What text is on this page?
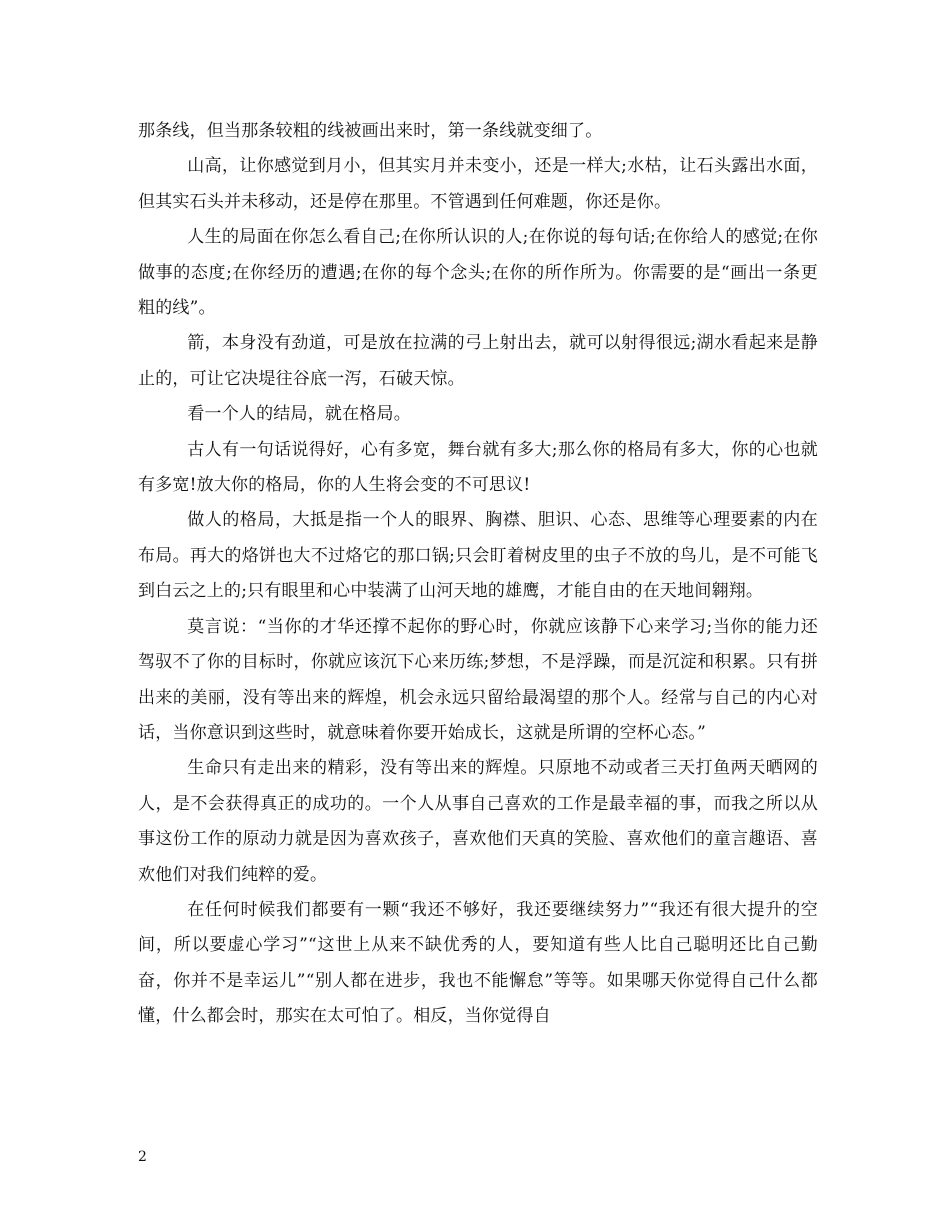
那条线，但当那条较粗的线被画出来时，第一条线就变细了。

山高，让你感觉到月小，但其实月并未变小，还是一样大;水枯，让石头露出水面，但其实石头并未移动，还是停在那里。不管遇到任何难题，你还是你。

人生的局面在你怎么看自己;在你所认识的人;在你说的每句话;在你给人的感觉;在你做事的态度;在你经历的遭遇;在你的每个念头;在你的所作所为。你需要的是“画出一条更粗的线”。

箭，本身没有劲道，可是放在拉满的弓上射出去，就可以射得很远;湖水看起来是静止的，可让它决堤往谷底一泻，石破天惊。

看一个人的结局，就在格局。

古人有一句话说得好，心有多宽，舞台就有多大;那么你的格局有多大，你的心也就有多宽!放大你的格局，你的人生将会变的不可思议!

做人的格局，大抵是指一个人的眼界、胸襟、胆识、心态、思维等心理要素的内在布局。再大的烙饼也大不过烙它的那口锅;只会盯着树皮里的虫子不放的鸟儿，是不可能飞到白云之上的;只有眼里和心中装满了山河天地的雄鹰，才能自由的在天地间翱翔。

莫言说：“当你的才华还撑不起你的野心时，你就应该静下心来学习;当你的能力还驾驭不了你的目标时，你就应该沉下心来历练;梦想，不是浮躁，而是沉淀和积累。只有拼出来的美丽，没有等出来的辉煌，机会永远只留给最渴望的那个人。经常与自己的内心对话，当你意识到这些时，就意味着你要开始成长，这就是所谓的空杯心态。”

生命只有走出来的精彩，没有等出来的辉煌。只原地不动或者三天打鱼两天晒网的人，是不会获得真正的成功的。一个人从事自己喜欢的工作是最幸福的事，而我之所以从事这份工作的原动力就是因为喜欢孩子，喜欢他们天真的笑脸、喜欢他们的童言趣语、喜欢他们对我们纯粹的爱。

在任何时候我们都要有一颗“我还不够好，我还要继续努力”“我还有很大提升的空间，所以要虚心学习”“这世上从来不缺优秀的人，要知道有些人比自己聪明还比自己勤奋，你并不是幸运儿”“别人都在进步，我也不能懈怠”等等。如果哪天你觉得自己什么都懂，什么都会时，那实在太可怕了。相反，当你觉得自

2
